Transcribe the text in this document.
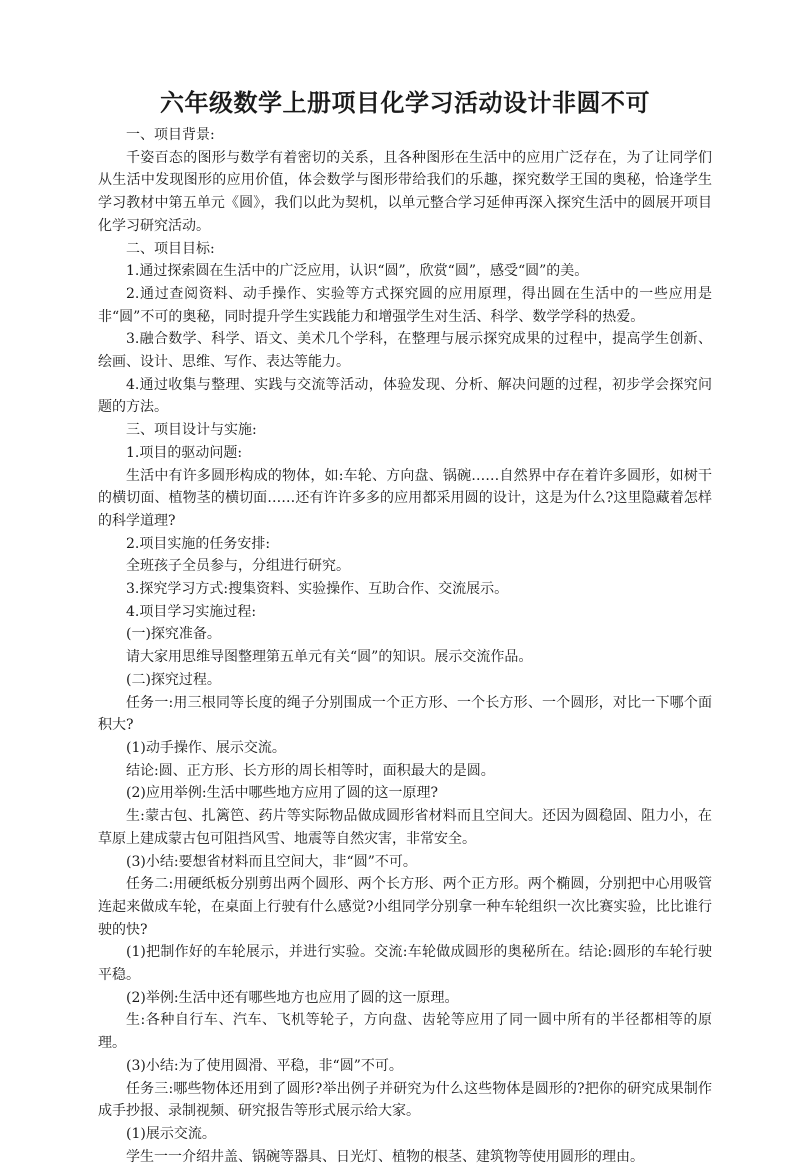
六年级数学上册项目化学习活动设计非圆不可

一、项目背景:

千姿百态的图形与数学有着密切的关系，且各种图形在生活中的应用广泛存在，为了让同学们从生活中发现图形的应用价值，体会数学与图形带给我们的乐趣，探究数学王国的奥秘，恰逢学生学习教材中第五单元《圆》，我们以此为契机，以单元整合学习延伸再深入探究生活中的圆展开项目化学习研究活动。

二、项目目标:

1.通过探索圆在生活中的广泛应用，认识“圆”，欣赏“圆”，感受“圆”的美。

2.通过查阅资料、动手操作、实验等方式探究圆的应用原理，得出圆在生活中的一些应用是非“圆”不可的奥秘，同时提升学生实践能力和增强学生对生活、科学、数学学科的热爱。

3.融合数学、科学、语文、美术几个学科，在整理与展示探究成果的过程中，提高学生创新、绘画、设计、思维、写作、表达等能力。

4.通过收集与整理、实践与交流等活动，体验发现、分析、解决问题的过程，初步学会探究问题的方法。

三、项目设计与实施:

1.项目的驱动问题:

生活中有许多圆形构成的物体，如:车轮、方向盘、锅碗……自然界中存在着许多圆形，如树干的横切面、植物茎的横切面……还有许许多多的应用都采用圆的设计，这是为什么?这里隐藏着怎样的科学道理?

2.项目实施的任务安排:

全班孩子全员参与，分组进行研究。

3.探究学习方式:搜集资料、实验操作、互助合作、交流展示。

4.项目学习实施过程:

(一)探究准备。

请大家用思维导图整理第五单元有关“圆”的知识。展示交流作品。

(二)探究过程。

任务一:用三根同等长度的绳子分别围成一个正方形、一个长方形、一个圆形，对比一下哪个面积大?

(1)动手操作、展示交流。

结论:圆、正方形、长方形的周长相等时，面积最大的是圆。

(2)应用举例:生活中哪些地方应用了圆的这一原理?

生:蒙古包、扎篱笆、药片等实际物品做成圆形省材料而且空间大。还因为圆稳固、阻力小，在草原上建成蒙古包可阻挡风雪、地震等自然灾害，非常安全。

(3)小结:要想省材料而且空间大，非“圆”不可。

任务二:用硬纸板分别剪出两个圆形、两个长方形、两个正方形。两个椭圆，分别把中心用吸管连起来做成车轮，在桌面上行驶有什么感觉?小组同学分别拿一种车轮组织一次比赛实验，比比谁行驶的快?

(1)把制作好的车轮展示，并进行实验。交流:车轮做成圆形的奥秘所在。结论:圆形的车轮行驶平稳。

(2)举例:生活中还有哪些地方也应用了圆的这一原理。

生:各种自行车、汽车、飞机等轮子，方向盘、齿轮等应用了同一圆中所有的半径都相等的原理。

(3)小结:为了使用圆滑、平稳，非“圆”不可。

任务三:哪些物体还用到了圆形?举出例子并研究为什么这些物体是圆形的?把你的研究成果制作成手抄报、录制视频、研究报告等形式展示给大家。

(1)展示交流。

学生一一介绍井盖、锅碗等器具、日光灯、植物的根茎、建筑物等使用圆形的理由。
